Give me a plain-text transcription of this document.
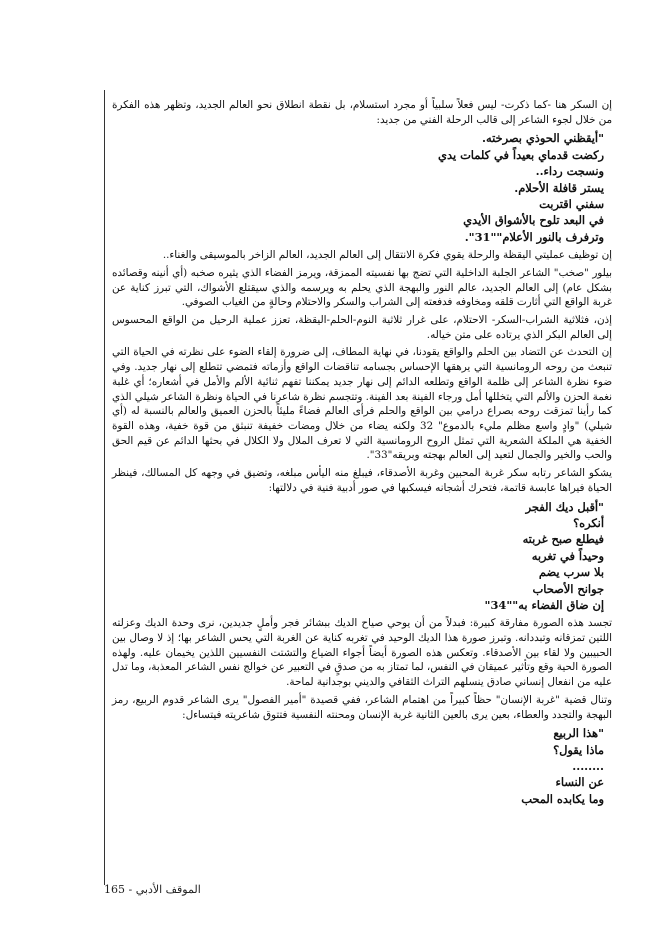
إن السكر هنا -كما ذكرت- ليس فعلاً سلبياً أو مجرد استسلام، بل نقطة انطلاق نحو العالم الجديد، وتظهر هذه الفكرة من خلال لجوء الشاعر إلى قالب الرحلة الفني من جديد:

"أيقظني الحوذي بصرخته.
ركضت قدماي بعيداً في كلمات يدي
ونسجت رداء..
يستر قافلة الأحلام.
سفني اقتربت
في البعد تلوح بالأشواق الأيدي
وترفرف بالنور الأعلام""31".

إن توظيف عمليتي اليقظة والرحلة يقوي فكرة الانتقال إلى العالم الجديد، العالم الزاخر بالموسيقى والغناء..

بيلور "صخب" الشاعر الجلبة الداخلية التي تضج بها نفسيته الممزقة، ويرمز الفضاء الذي يثيره صخبه (أي أنينه وقصائده بشكل عام) إلى العالم الجديد، عالم النور والبهجة الذي يحلم به ويرسمه والذي سيقتلع الأشواك، التي تبرز كناية عن غربة الواقع التي أثارت قلقه ومخاوفه فدفعته إلى الشراب والسكر والاحتلام وحالةٍ من الغياب الصوفي.

إذن، فثلاثية الشراب-السكر- الاحتلام، على غرار ثلاثية النوم-الحلم-اليقظة، تعزز عملية الرحيل من الواقع المحسوس إلى العالم البكر الذي يرتاده على متن خياله.

إن التحدث عن التضاد بين الحلم والواقع يقودنا، في نهاية المطاف، إلى ضرورة إلقاء الضوء على نظرته في الحياة التي تنبعث من روحه الرومانسية التي يرهقها الإحساس بجسامه تناقضات الواقع وأزماته فتمضي تتطلع إلى نهار جديد. وفي ضوء نظرة الشاعر إلى ظلمة الواقع وتطلعه الدائم إلى نهار جديد يمكننا تفهم ثنائية الألم والأمل في أشعاره؛ أي غلبة نغمة الحزن والألم التي يتخللها أمل ورجاء الفينة بعد الفينة. وتتجسم نظرة شاعرنا في الحياة ونظرة الشاعر شيلي الذي كما رأينا تمزقت روحه بصراع درامي بين الواقع والحلم فرأى العالم فضاءً مليئاً بالحزن العميق والعالم بالنسبة له (أي شيلي) "وادٍ واسع مظلم مليء بالدموع" 32 ولكنه يضاء من خلال ومضات خفيفة تنبثق من قوة خفية، وهذه القوة الخفية هي الملكة الشعرية التي تمثل الروح الرومانسية التي لا تعرف الملال ولا الكلال في بحثها الدائم عن قيم الحق والحب والخير والجمال لتعيد إلى العالم بهجته وبريقه"33".

يشكو الشاعر رتابه سكر غربة المحبين وغربة الأصدقاء، فيبلغ منه اليأس مبلغه، وتضيق في وجهه كل المسالك، فينظر الحياة فيراها عابسة قاتمة، فتحرك أشجانه فيسكبها في صور أدبية فنية في دلالتها:

"أقبل ديك الفجر
أنكره؟
فيطلع صبح غربته
وحيداً في تغربه
بلا سرب يضم
جوانح الأصحاب
إن ضاق الفضاء به""34"

تجسد هذه الصورة مفارقة كبيرة: فبدلاً من أن يوحي صياح الديك ببشائر فجر وأملٍ جديدين، نرى وحدة الديك وعزلته اللتين تمزقانه وتبددانه. وتبرز صورة هذا الديك الوحيد في تغربه كناية عن الغربة التي يحس الشاعر بها؛ إذ لا وصال بين الحبيبين ولا لقاء بين الأصدقاء. وتعكس هذه الصورة أيضاً أجواء الضياع والتشتت النفسيين اللذين يخيمان عليه. ولهذه الصورة الحية وقع وتأثير عميقان في النفس، لما تمتاز به من صدقٍ في التعبير عن خوالج نفس الشاعر المعذبة، وما تدل عليه من انفعال إنساني صادق ينسلهم التراث الثقافي والديني بوجدانية لماحة.

وتنال قضية "غربة الإنسان" حظاً كبيراً من اهتمام الشاعر، ففي قصيدة "أمير الفصول" يرى الشاعر قدوم الربيع، رمز البهجة والتجدد والعطاء، بعين يرى بالعين الثانية غربة الإنسان ومحنته النفسية فتتوق شاعريته فيتساءل:

"هذا الربيع
ماذا يقول؟
........
عن النساء
وما يكابده المحب
الموقف الأدبي - 165
